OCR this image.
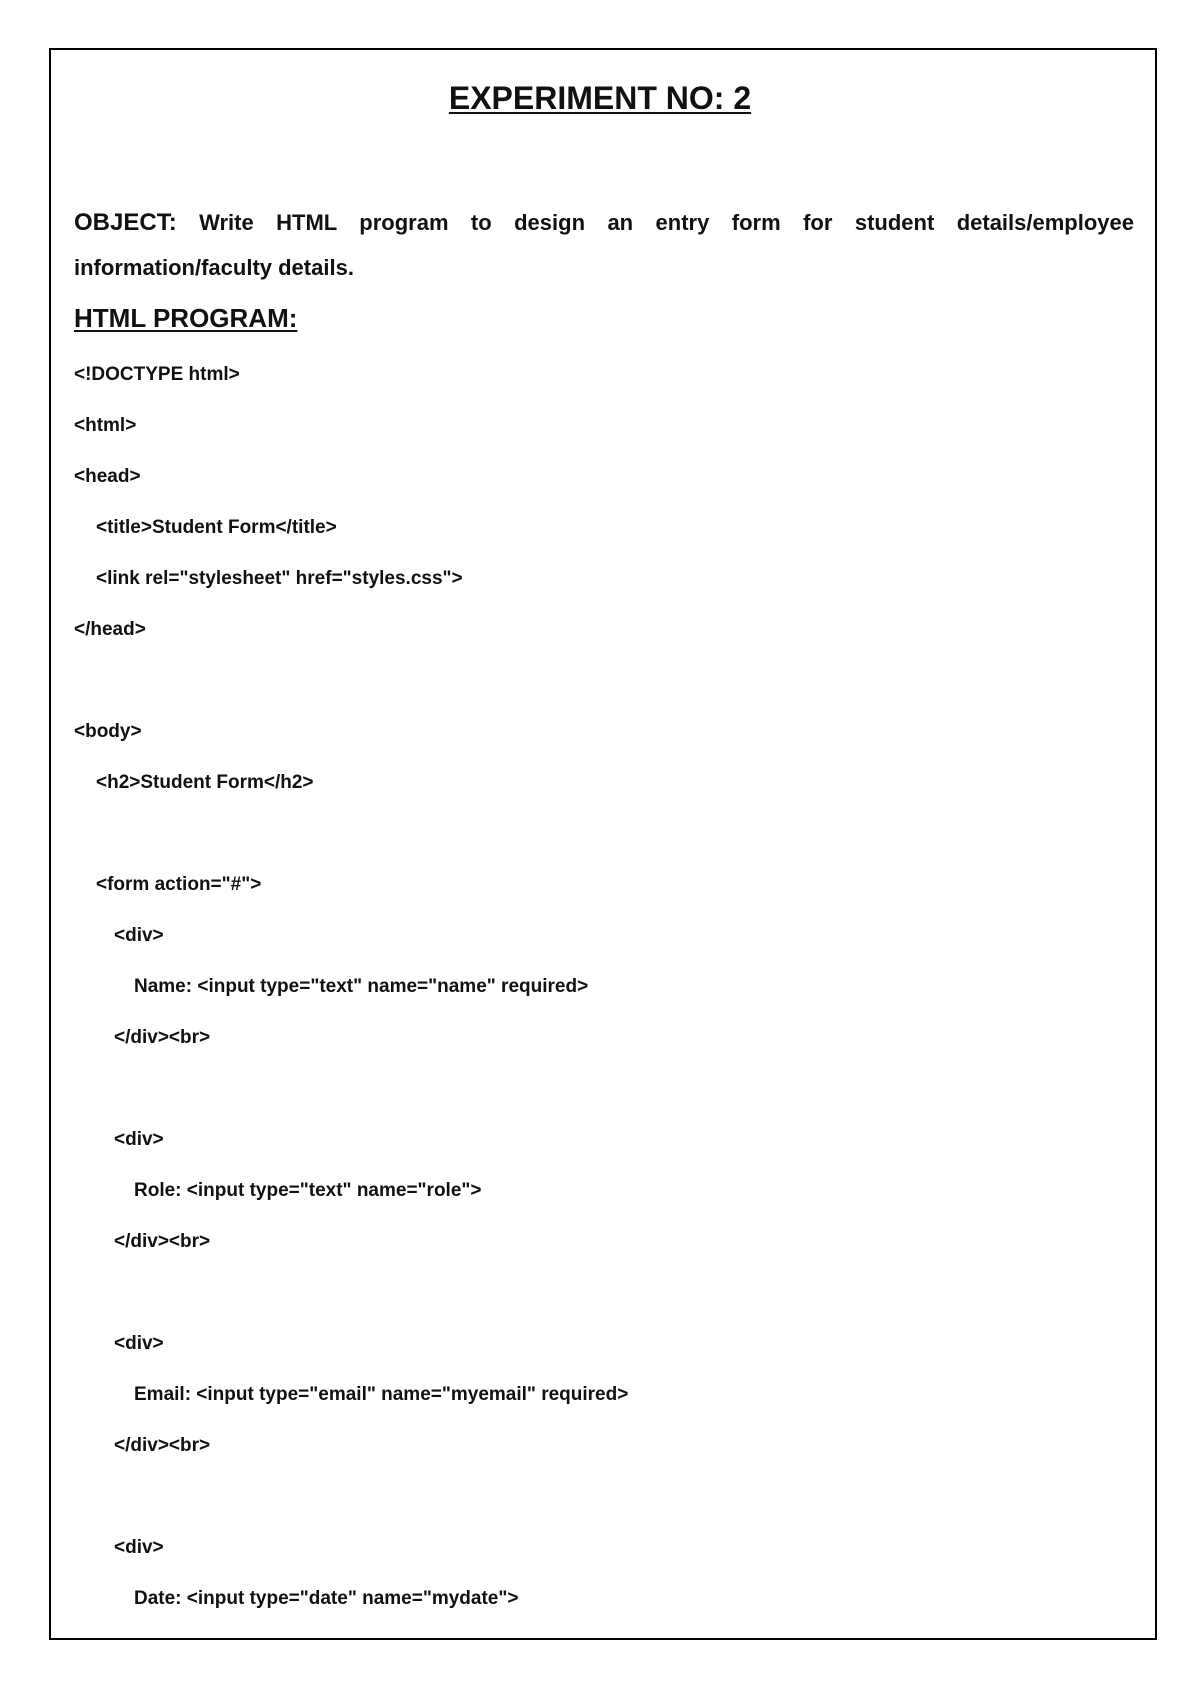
EXPERIMENT NO: 2

OBJECT: Write HTML program to design an entry form for student details/employee information/faculty details.

HTML PROGRAM:
<!DOCTYPE html>
<html>
<head>
<title>Student Form</title>
<link rel="stylesheet" href="styles.css">
</head>
<body>
<h2>Student Form</h2>
<form action="#">
<div>
Name: <input type="text" name="name" required>
</div><br>
<div>
Role: <input type="text" name="role">
</div><br>
<div>
Email: <input type="email" name="myemail" required>
</div><br>
<div>
Date: <input type="date" name="mydate">
